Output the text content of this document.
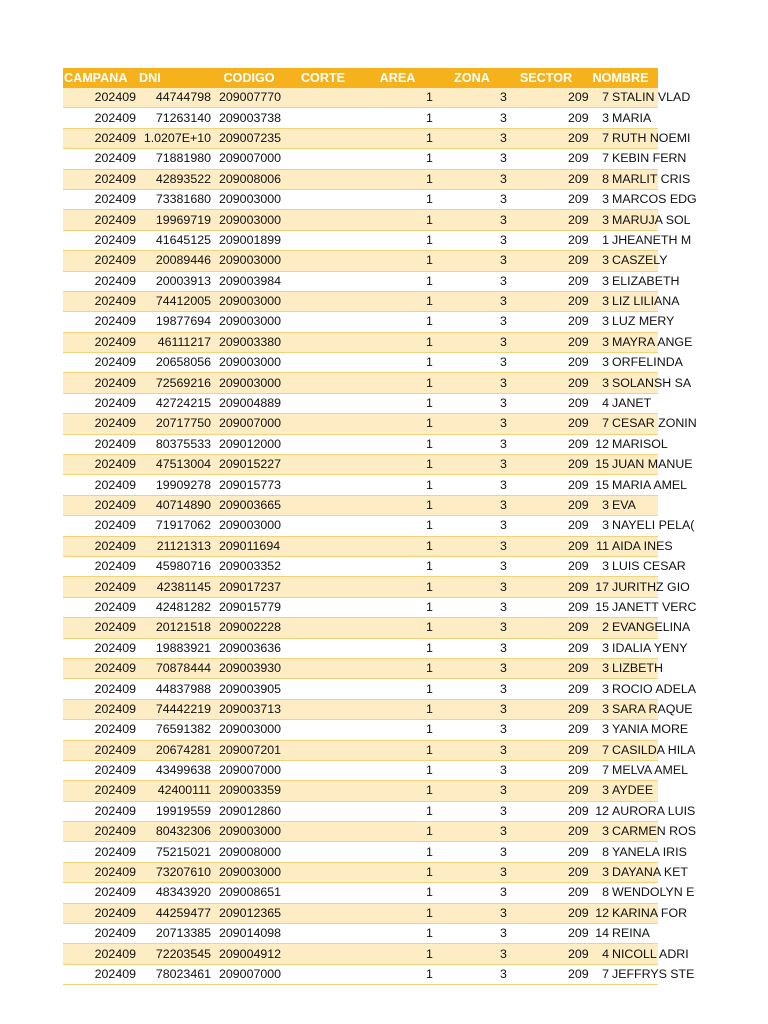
CAMPANA	DNI	CODIGO	CORTE	AREA	ZONA	SECTOR	NOMBRE
202409	44744798	209007770		1	3	209	7 STALIN VLAD
202409	71263140	209003738		1	3	209	3 MARIA
202409	1.0207E+10	209007235		1	3	209	7 RUTH NOEMI
202409	71881980	209007000		1	3	209	7 KEBIN FERN
202409	42893522	209008006		1	3	209	8 MARLIT CRIS
202409	73381680	209003000		1	3	209	3 MARCOS EDG
202409	19969719	209003000		1	3	209	3 MARUJA SOL
202409	41645125	209001899		1	3	209	1 JHEANETH M
202409	20089446	209003000		1	3	209	3 CASZELY
202409	20003913	209003984		1	3	209	3 ELIZABETH
202409	74412005	209003000		1	3	209	3 LIZ LILIANA
202409	19877694	209003000		1	3	209	3 LUZ MERY
202409	46111217	209003380		1	3	209	3 MAYRA ANGE
202409	20658056	209003000		1	3	209	3 ORFELINDA
202409	72569216	209003000		1	3	209	3 SOLANSH SA
202409	42724215	209004889		1	3	209	4 JANET
202409	20717750	209007000		1	3	209	7 CESAR ZONIN
202409	80375533	209012000		1	3	209	12 MARISOL
202409	47513004	209015227		1	3	209	15 JUAN MANUE
202409	19909278	209015773		1	3	209	15 MARIA AMEL
202409	40714890	209003665		1	3	209	3 EVA
202409	71917062	209003000		1	3	209	3 NAYELI PELA(
202409	21121313	209011694		1	3	209	11 AIDA INES
202409	45980716	209003352		1	3	209	3 LUIS CESAR
202409	42381145	209017237		1	3	209	17 JURITHZ GIO
202409	42481282	209015779		1	3	209	15 JANETT VERC
202409	20121518	209002228		1	3	209	2 EVANGELINA
202409	19883921	209003636		1	3	209	3 IDALIA YENY
202409	70878444	209003930		1	3	209	3 LIZBETH
202409	44837988	209003905		1	3	209	3 ROCIO ADELA
202409	74442219	209003713		1	3	209	3 SARA RAQUE
202409	76591382	209003000		1	3	209	3 YANIA MORE
202409	20674281	209007201		1	3	209	7 CASILDA HILA
202409	43499638	209007000		1	3	209	7 MELVA AMEL
202409	42400111	209003359		1	3	209	3 AYDEE
202409	19919559	209012860		1	3	209	12 AURORA LUIS
202409	80432306	209003000		1	3	209	3 CARMEN ROS
202409	75215021	209008000		1	3	209	8 YANELA IRIS
202409	73207610	209003000		1	3	209	3 DAYANA KET
202409	48343920	209008651		1	3	209	8 WENDOLYN E
202409	44259477	209012365		1	3	209	12 KARINA FOR
202409	20713385	209014098		1	3	209	14 REINA
202409	72203545	209004912		1	3	209	4 NICOLL ADRI
202409	78023461	209007000		1	3	209	7 JEFFRYS STE
